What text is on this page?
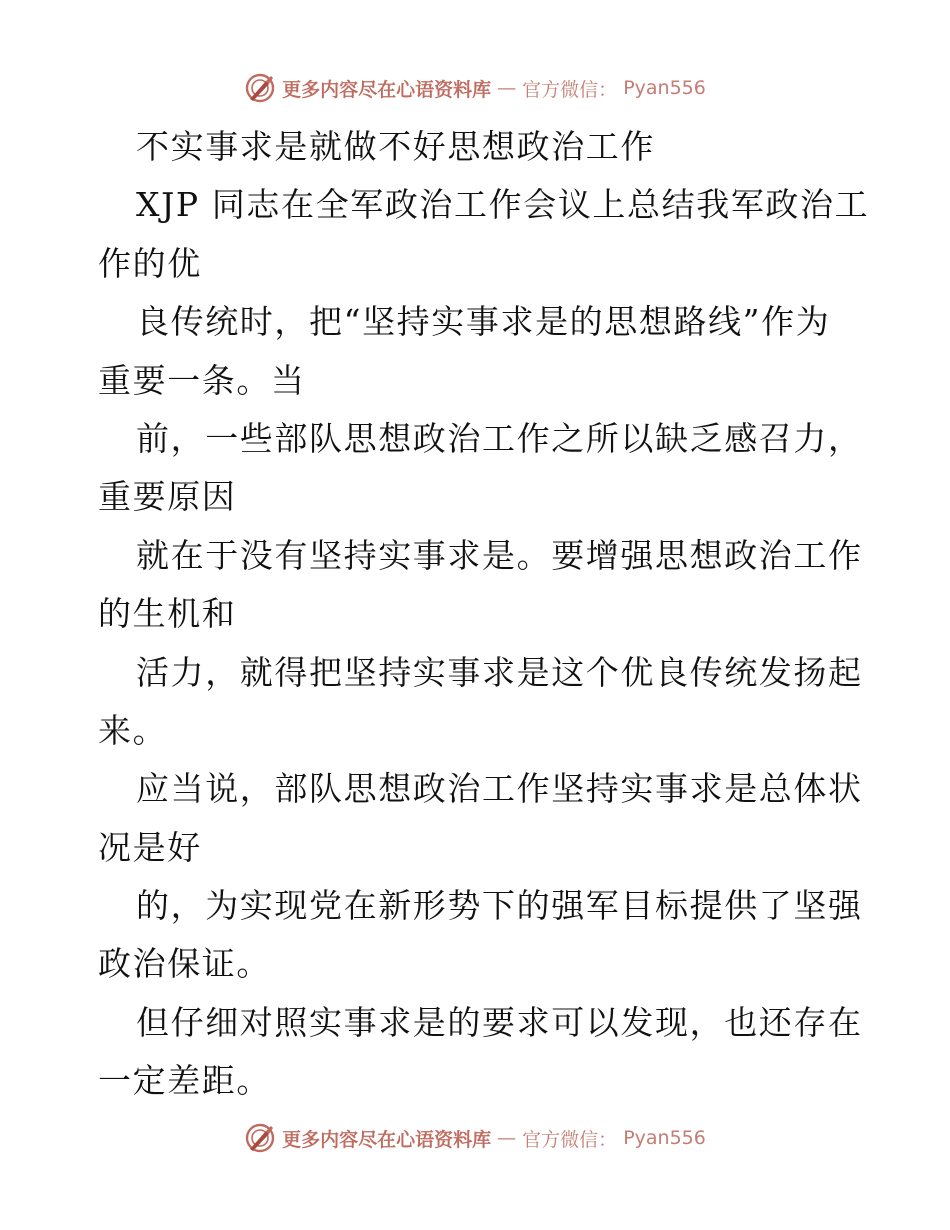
更多内容尽在心语资料库 — 官方微信： Pyan556
不实事求是就做不好思想政治工作
XJP 同志在全军政治工作会议上总结我军政治工
作的优
良传统时，把“坚持实事求是的思想路线”作为
重要一条。当
前，一些部队思想政治工作之所以缺乏感召力，
重要原因
就在于没有坚持实事求是。要增强思想政治工作
的生机和
活力，就得把坚持实事求是这个优良传统发扬起
来。
应当说，部队思想政治工作坚持实事求是总体状
况是好
的，为实现党在新形势下的强军目标提供了坚强
政治保证。
但仔细对照实事求是的要求可以发现，也还存在
一定差距。
更多内容尽在心语资料库 — 官方微信： Pyan556
